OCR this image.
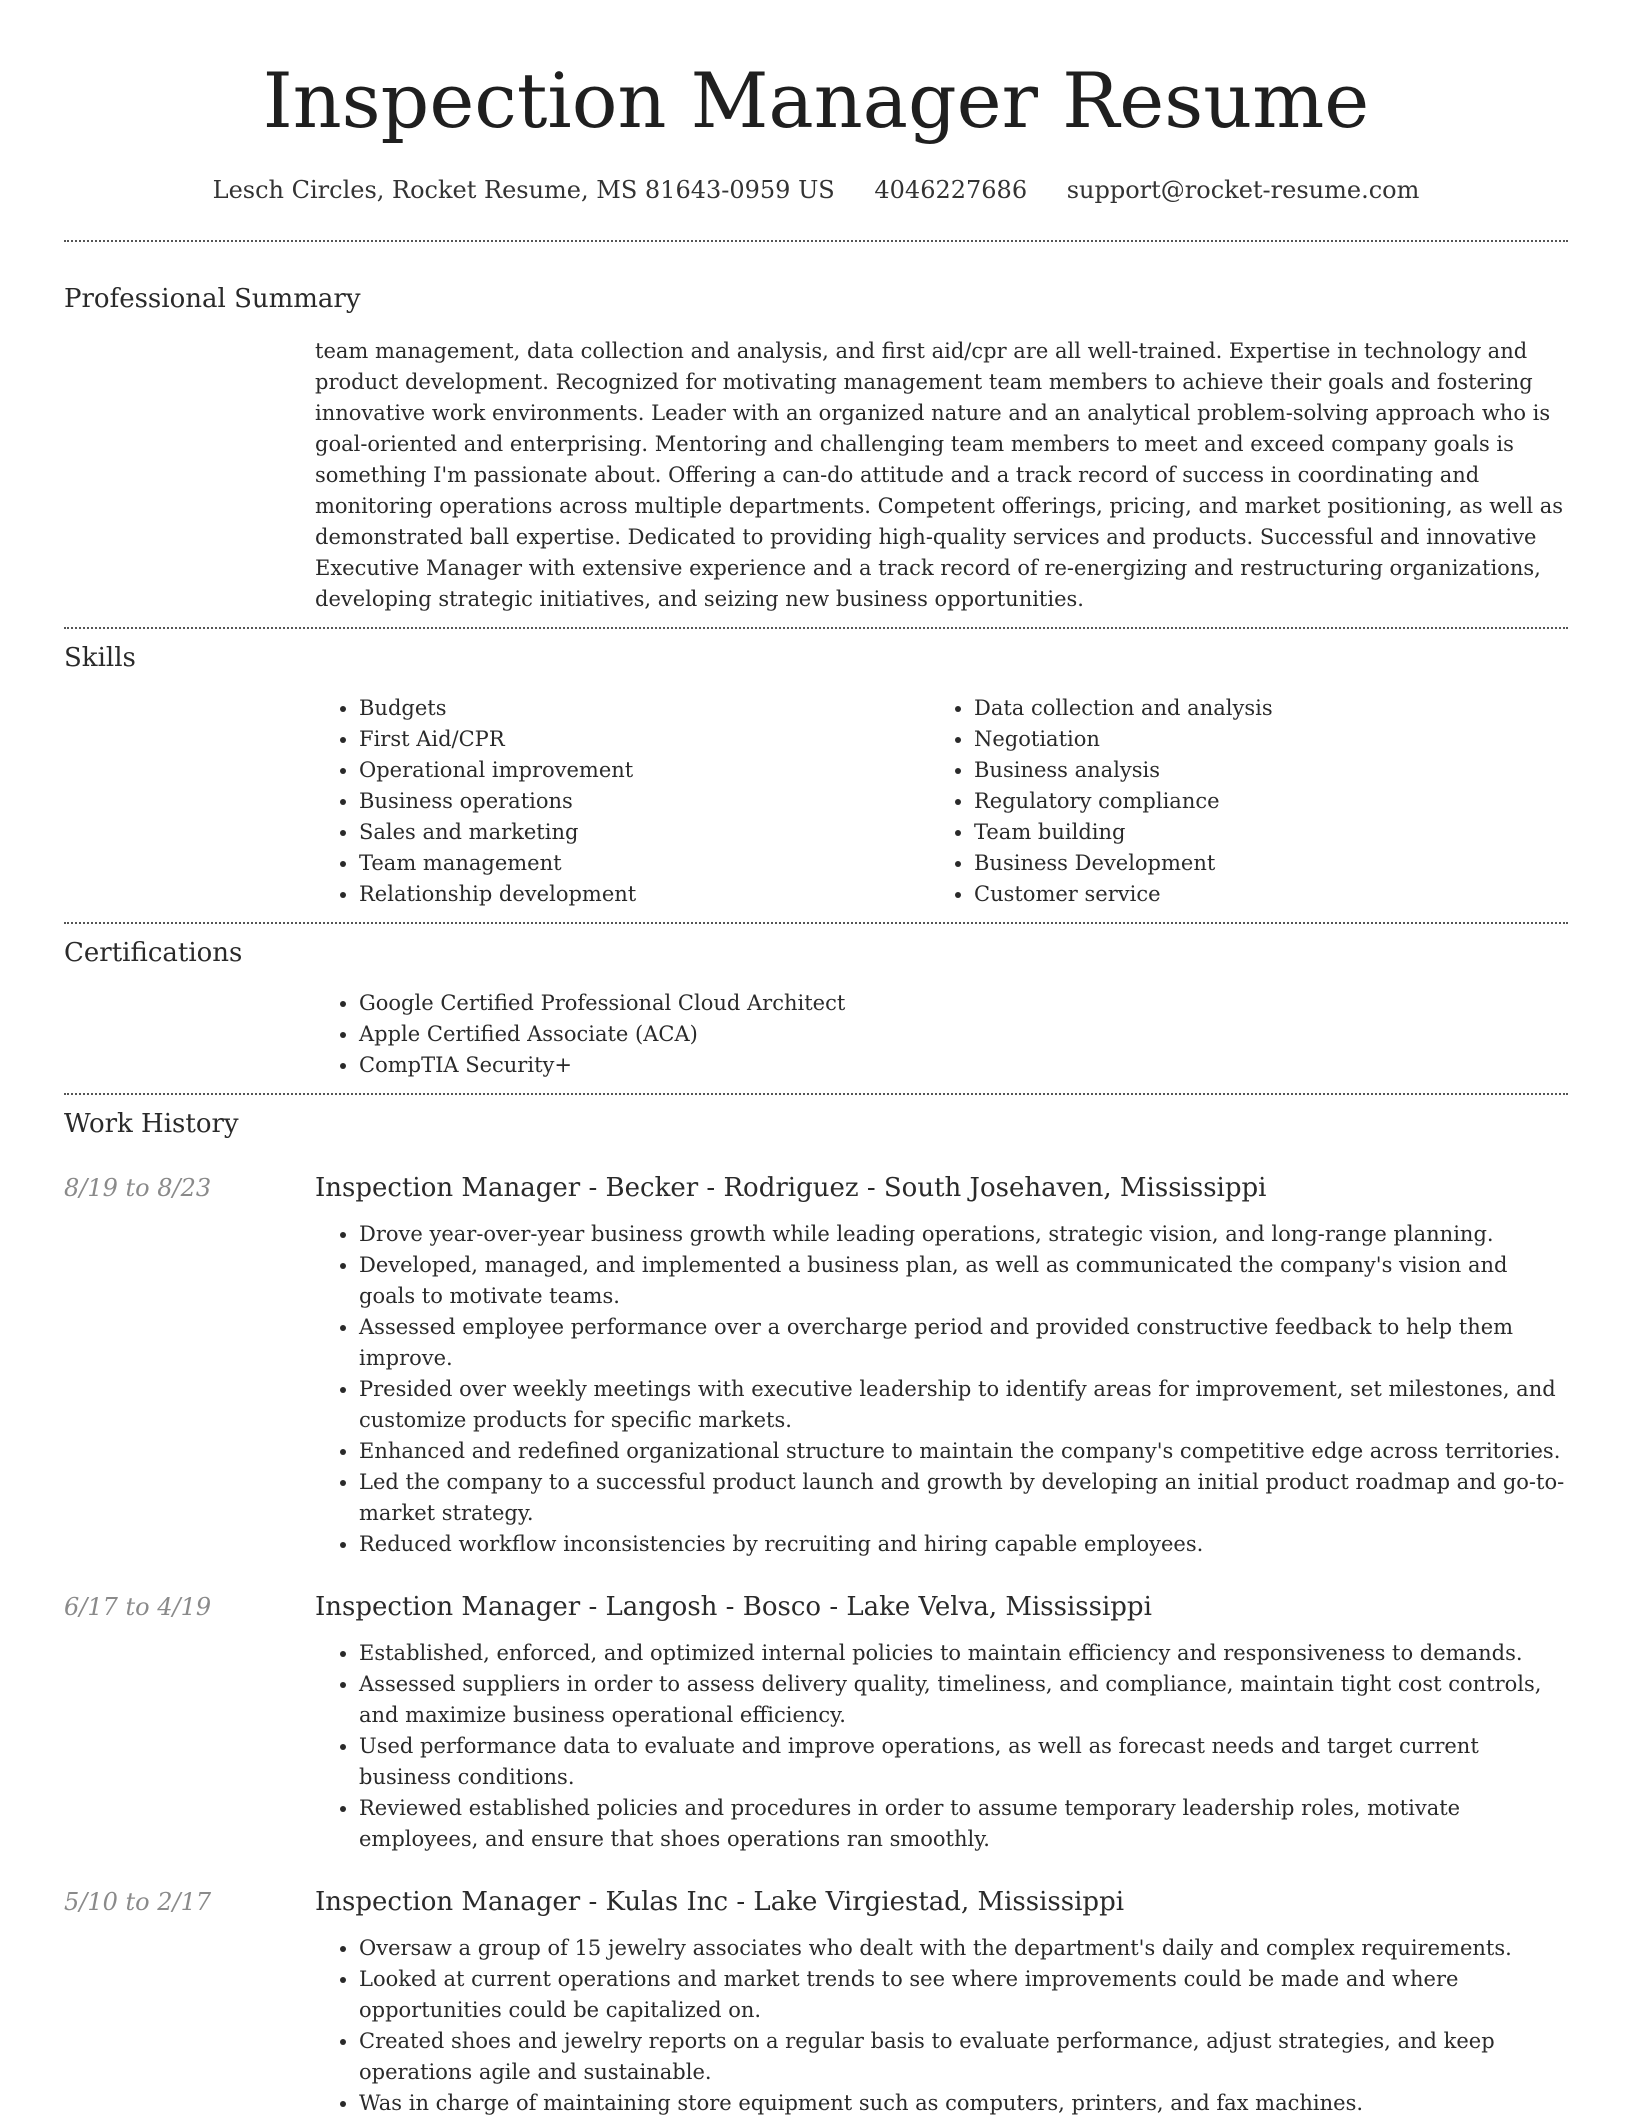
Inspection Manager Resume
Lesch Circles, Rocket Resume, MS 81643-0959 US 4046227686 support@rocket-resume.com
Professional Summary

team management, data collection and analysis, and first aid/cpr are all well-trained. Expertise in technology and product development. Recognized for motivating management team members to achieve their goals and fostering innovative work environments. Leader with an organized nature and an analytical problem-solving approach who is goal-oriented and enterprising. Mentoring and challenging team members to meet and exceed company goals is something I'm passionate about. Offering a can-do attitude and a track record of success in coordinating and monitoring operations across multiple departments. Competent offerings, pricing, and market positioning, as well as demonstrated ball expertise. Dedicated to providing high-quality services and products. Successful and innovative Executive Manager with extensive experience and a track record of re-energizing and restructuring organizations, developing strategic initiatives, and seizing new business opportunities.

Skills
• Budgets
• First Aid/CPR
• Operational improvement
• Business operations
• Sales and marketing
• Team management
• Relationship development
• Data collection and analysis
• Negotiation
• Business analysis
• Regulatory compliance
• Team building
• Business Development
• Customer service
Certifications
• Google Certified Professional Cloud Architect
• Apple Certified Associate (ACA)
• CompTIA Security+
Work History
8/19 to 8/23	Inspection Manager - Becker - Rodriguez - South Josehaven, Mississippi
• Drove year-over-year business growth while leading operations, strategic vision, and long-range planning.
• Developed, managed, and implemented a business plan, as well as communicated the company's vision and goals to motivate teams.
• Assessed employee performance over a overcharge period and provided constructive feedback to help them improve.
• Presided over weekly meetings with executive leadership to identify areas for improvement, set milestones, and customize products for specific markets.
• Enhanced and redefined organizational structure to maintain the company's competitive edge across territories.
• Led the company to a successful product launch and growth by developing an initial product roadmap and go-to-market strategy.
• Reduced workflow inconsistencies by recruiting and hiring capable employees.
6/17 to 4/19	Inspection Manager - Langosh - Bosco - Lake Velva, Mississippi
• Established, enforced, and optimized internal policies to maintain efficiency and responsiveness to demands.
• Assessed suppliers in order to assess delivery quality, timeliness, and compliance, maintain tight cost controls, and maximize business operational efficiency.
• Used performance data to evaluate and improve operations, as well as forecast needs and target current business conditions.
• Reviewed established policies and procedures in order to assume temporary leadership roles, motivate employees, and ensure that shoes operations ran smoothly.
5/10 to 2/17	Inspection Manager - Kulas Inc - Lake Virgiestad, Mississippi
• Oversaw a group of 15 jewelry associates who dealt with the department's daily and complex requirements.
• Looked at current operations and market trends to see where improvements could be made and where opportunities could be capitalized on.
• Created shoes and jewelry reports on a regular basis to evaluate performance, adjust strategies, and keep operations agile and sustainable.
• Was in charge of maintaining store equipment such as computers, printers, and fax machines.
